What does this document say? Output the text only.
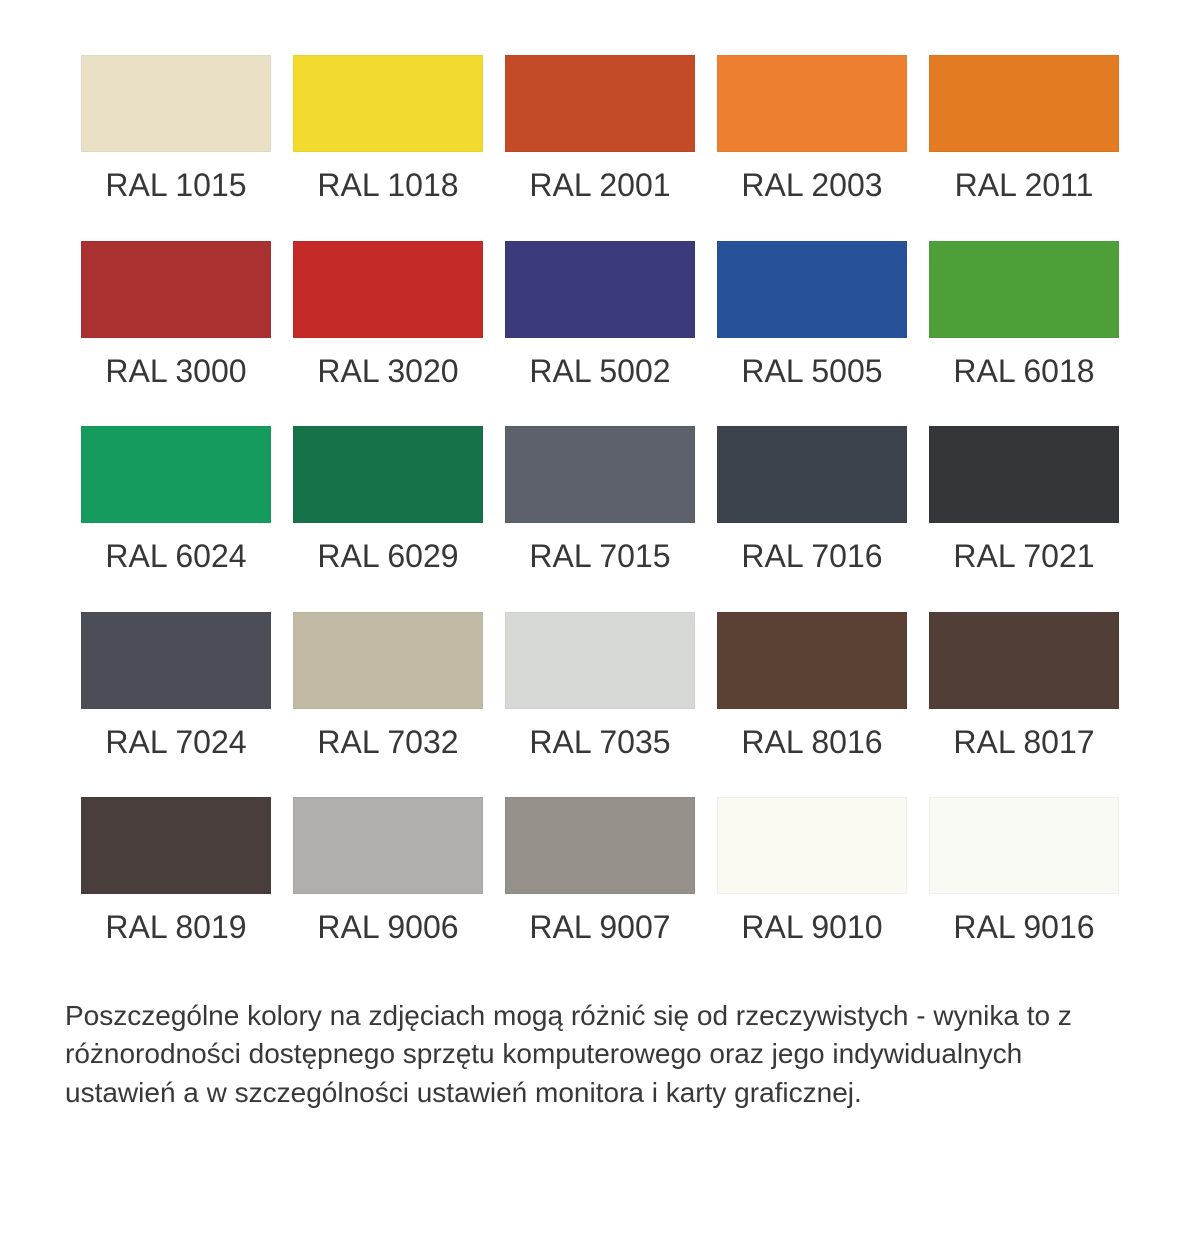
RAL 1015	RAL 1018	RAL 2001	RAL 2003	RAL 2011
RAL 3000	RAL 3020	RAL 5002	RAL 5005	RAL 6018
RAL 6024	RAL 6029	RAL 7015	RAL 7016	RAL 7021
RAL 7024	RAL 7032	RAL 7035	RAL 8016	RAL 8017
RAL 8019	RAL 9006	RAL 9007	RAL 9010	RAL 9016
Poszczególne kolory na zdjęciach mogą różnić się od rzeczywistych - wynika to z
różnorodności dostępnego sprzętu komputerowego oraz jego indywidualnych
ustawień a w szczególności ustawień monitora i karty graficznej.
